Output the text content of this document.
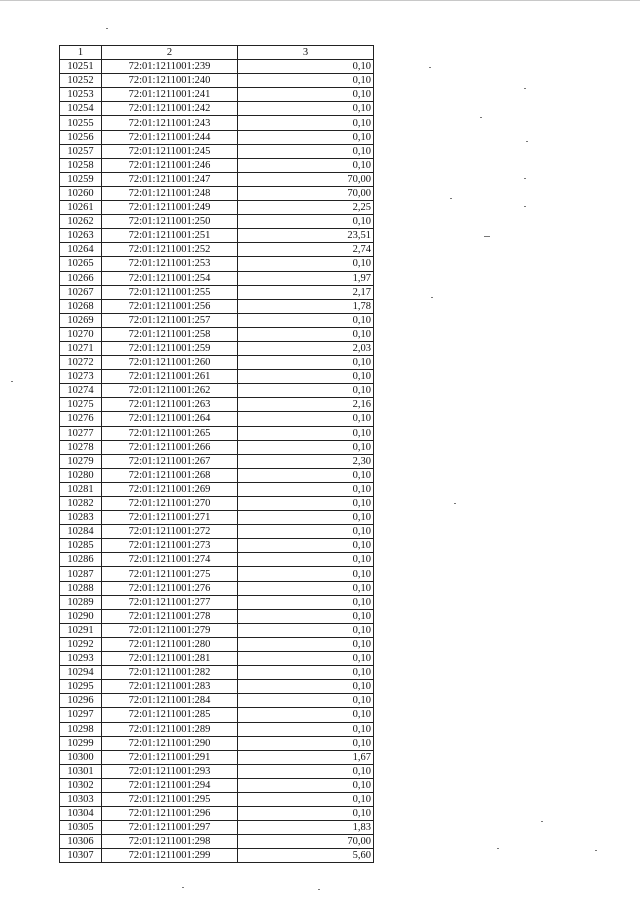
1	2	3
10251	72:01:1211001:239	0,10
10252	72:01:1211001:240	0,10
10253	72:01:1211001:241	0,10
10254	72:01:1211001:242	0,10
10255	72:01:1211001:243	0,10
10256	72:01:1211001:244	0,10
10257	72:01:1211001:245	0,10
10258	72:01:1211001:246	0,10
10259	72:01:1211001:247	70,00
10260	72:01:1211001:248	70,00
10261	72:01:1211001:249	2,25
10262	72:01:1211001:250	0,10
10263	72:01:1211001:251	23,51
10264	72:01:1211001:252	2,74
10265	72:01:1211001:253	0,10
10266	72:01:1211001:254	1,97
10267	72:01:1211001:255	2,17
10268	72:01:1211001:256	1,78
10269	72:01:1211001:257	0,10
10270	72:01:1211001:258	0,10
10271	72:01:1211001:259	2,03
10272	72:01:1211001:260	0,10
10273	72:01:1211001:261	0,10
10274	72:01:1211001:262	0,10
10275	72:01:1211001:263	2,16
10276	72:01:1211001:264	0,10
10277	72:01:1211001:265	0,10
10278	72:01:1211001:266	0,10
10279	72:01:1211001:267	2,30
10280	72:01:1211001:268	0,10
10281	72:01:1211001:269	0,10
10282	72:01:1211001:270	0,10
10283	72:01:1211001:271	0,10
10284	72:01:1211001:272	0,10
10285	72:01:1211001:273	0,10
10286	72:01:1211001:274	0,10
10287	72:01:1211001:275	0,10
10288	72:01:1211001:276	0,10
10289	72:01:1211001:277	0,10
10290	72:01:1211001:278	0,10
10291	72:01:1211001:279	0,10
10292	72:01:1211001:280	0,10
10293	72:01:1211001:281	0,10
10294	72:01:1211001:282	0,10
10295	72:01:1211001:283	0,10
10296	72:01:1211001:284	0,10
10297	72:01:1211001:285	0,10
10298	72:01:1211001:289	0,10
10299	72:01:1211001:290	0,10
10300	72:01:1211001:291	1,67
10301	72:01:1211001:293	0,10
10302	72:01:1211001:294	0,10
10303	72:01:1211001:295	0,10
10304	72:01:1211001:296	0,10
10305	72:01:1211001:297	1,83
10306	72:01:1211001:298	70,00
10307	72:01:1211001:299	5,60
